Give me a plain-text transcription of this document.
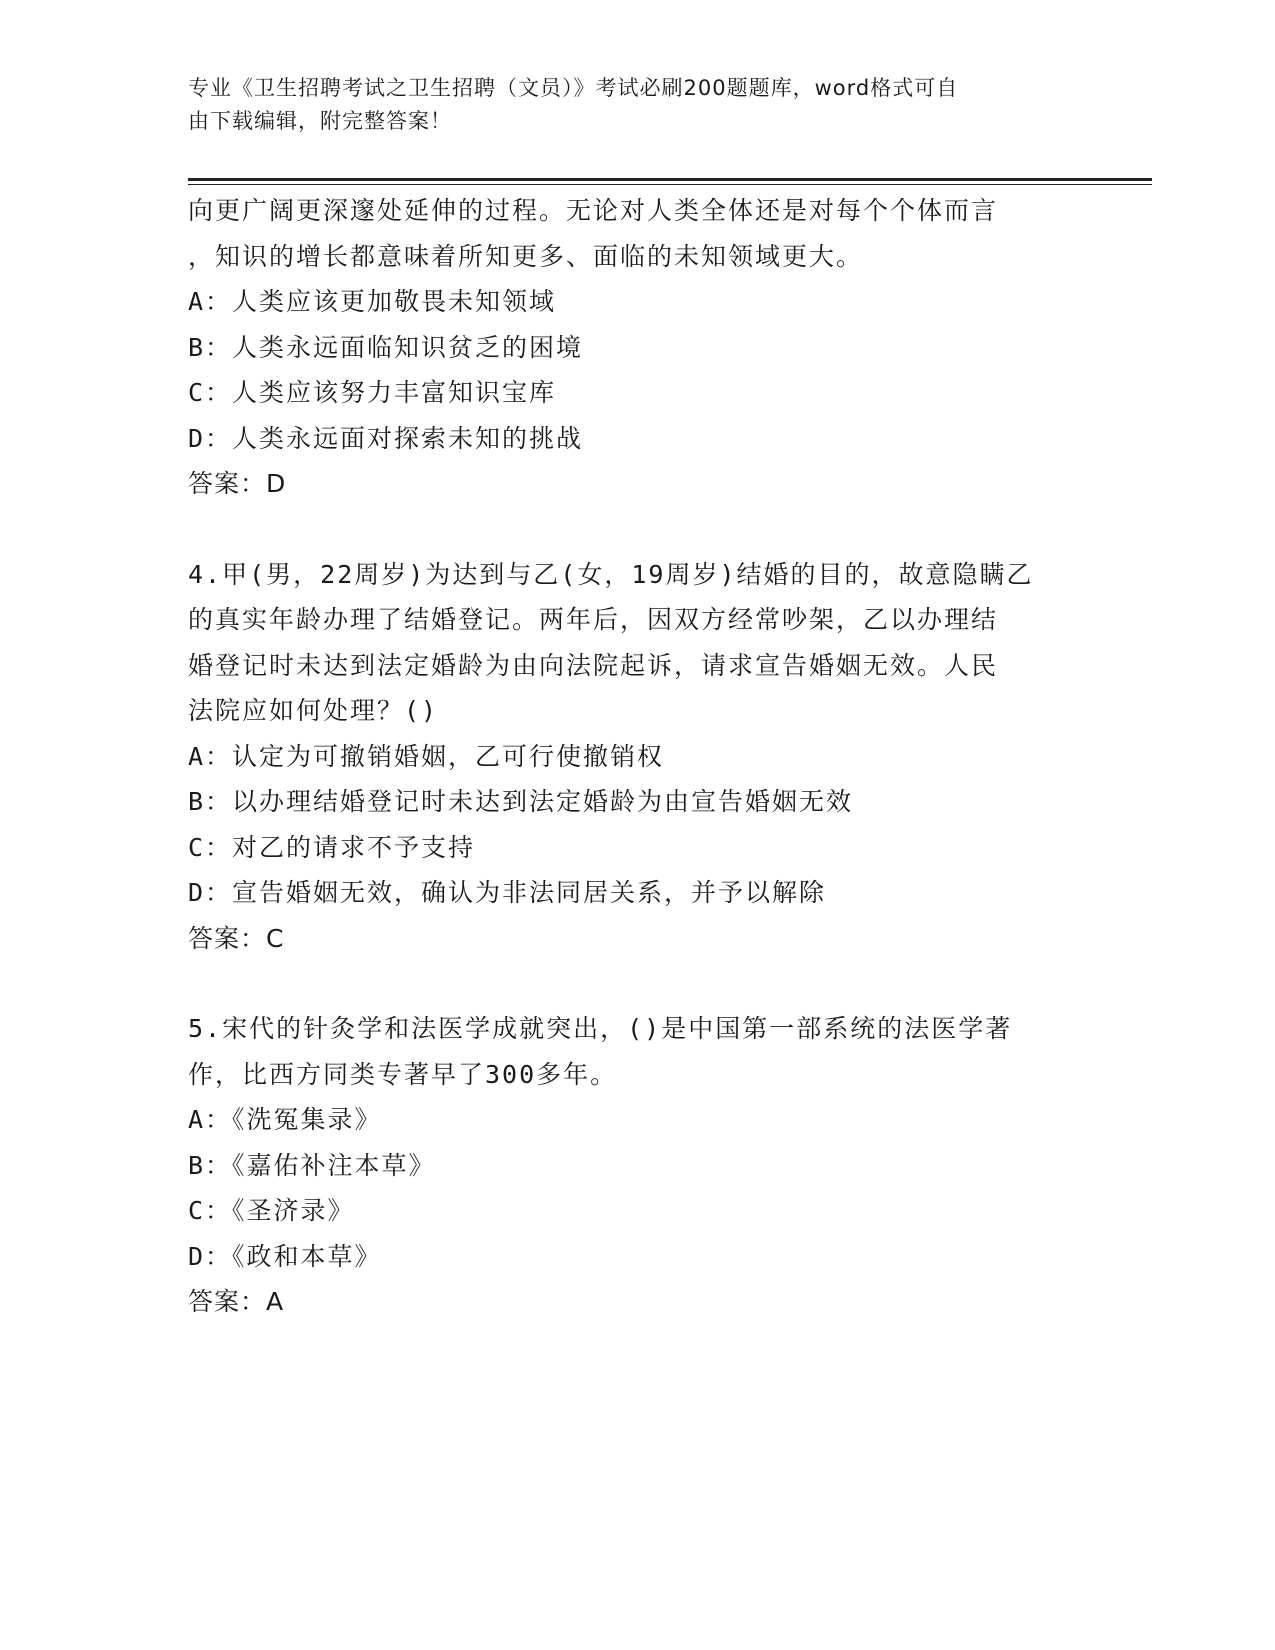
专业《卫生招聘考试之卫生招聘（文员）》考试必刷200题题库，word格式可自
由下载编辑，附完整答案！

向更广阔更深邃处延伸的过程。无论对人类全体还是对每个个体而言

，知识的增长都意味着所知更多、面临的未知领域更大。

A：人类应该更加敬畏未知领域

B：人类永远面临知识贫乏的困境

C：人类应该努力丰富知识宝库

D：人类永远面对探索未知的挑战

答案：D

4.甲(男，22周岁)为达到与乙(女，19周岁)结婚的目的，故意隐瞒乙

的真实年龄办理了结婚登记。两年后，因双方经常吵架，乙以办理结

婚登记时未达到法定婚龄为由向法院起诉，请求宣告婚姻无效。人民

法院应如何处理？()

A：认定为可撤销婚姻，乙可行使撤销权

B：以办理结婚登记时未达到法定婚龄为由宣告婚姻无效

C：对乙的请求不予支持

D：宣告婚姻无效，确认为非法同居关系，并予以解除

答案：C

5.宋代的针灸学和法医学成就突出，()是中国第一部系统的法医学著

作，比西方同类专著早了300多年。

A：《洗冤集录》

B：《嘉佑补注本草》

C：《圣济录》

D：《政和本草》

答案：A
